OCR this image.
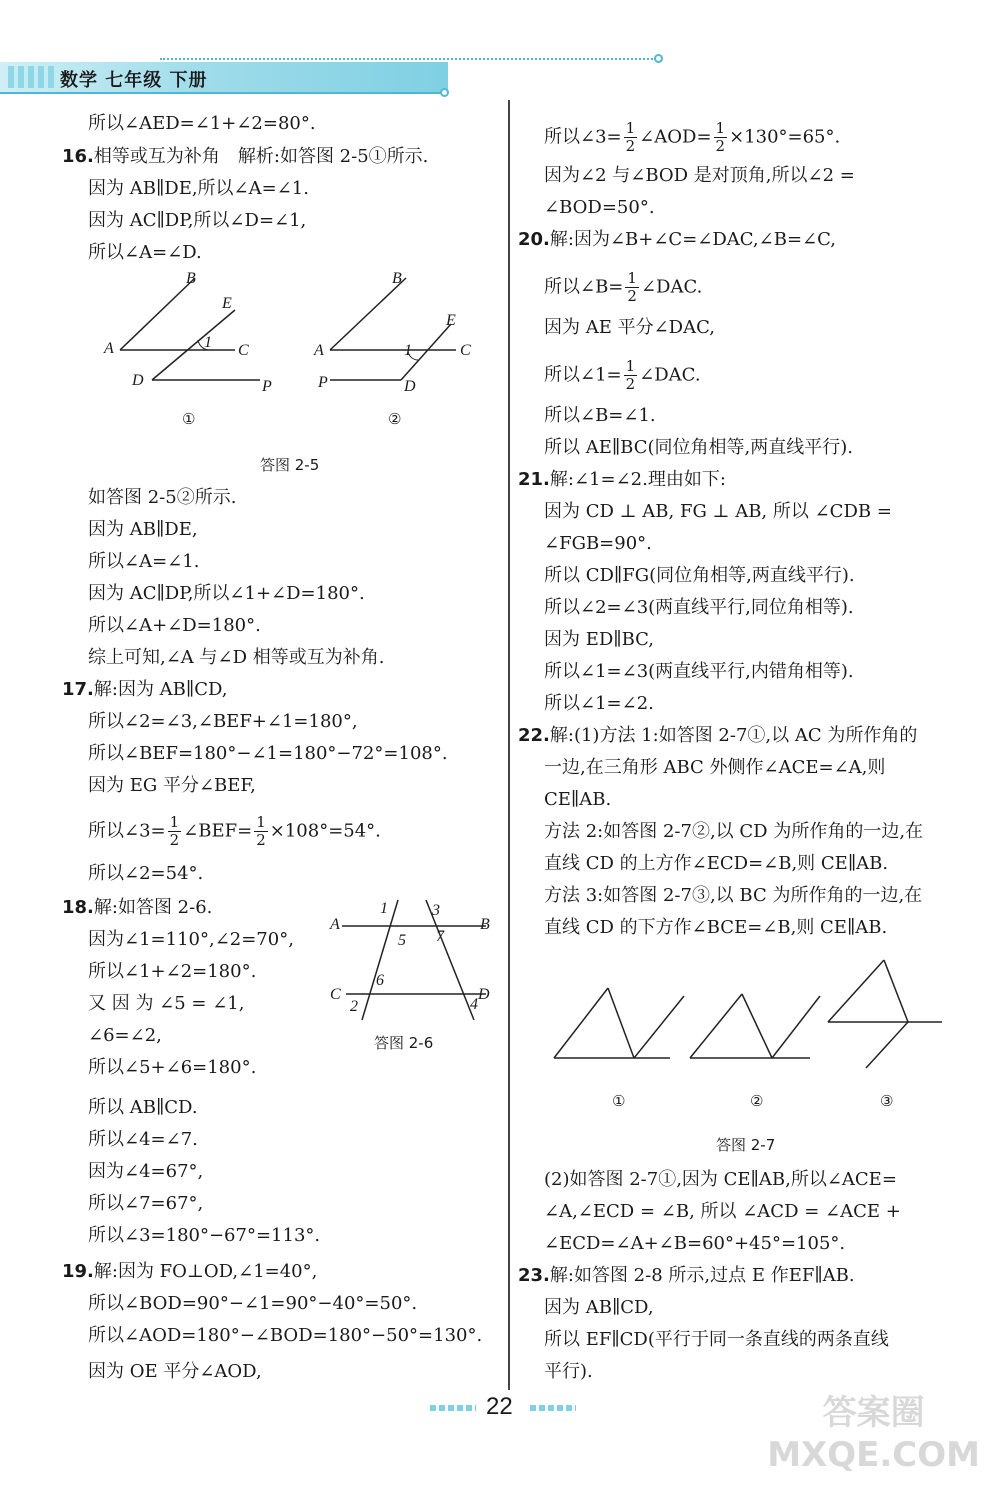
数学 七年级 下册
所以∠AED=∠1+∠2=80°.
16.相等或互为补角　解析:如答图 2-5①所示.
因为 AB∥DE,所以∠A=∠1.
因为 AC∥DP,所以∠D=∠1,
所以∠A=∠D.
如答图 2-5②所示.
因为 AB∥DE,
所以∠A=∠1.
因为 AC∥DP,所以∠1+∠D=180°.
所以∠A+∠D=180°.
综上可知,∠A 与∠D 相等或互为补角.
17.解:因为 AB∥CD,
所以∠2=∠3,∠BEF+∠1=180°,
所以∠BEF=180°−∠1=180°−72°=108°.
因为 EG 平分∠BEF,
所以∠2=54°.
18.解:如答图 2-6.
因为∠1=110°,∠2=70°,
所以∠1+∠2=180°.
又 因 为 ∠5 = ∠1,
∠6=∠2,
所以∠5+∠6=180°.
所以 AB∥CD.
所以∠4=∠7.
因为∠4=67°,
所以∠7=67°,
所以∠3=180°−67°=113°.
19.解:因为 FO⊥OD,∠1=40°,
所以∠BOD=90°−∠1=90°−40°=50°.
所以∠AOD=180°−∠BOD=180°−50°=130°.
因为 OE 平分∠AOD,
因为∠2 与∠BOD 是对顶角,所以∠2 =
∠BOD=50°.
20.解:因为∠B+∠C=∠DAC,∠B=∠C,
因为 AE 平分∠DAC,
所以∠B=∠1.
所以 AE∥BC(同位角相等,两直线平行).
21.解:∠1=∠2.理由如下:
因为 CD ⊥ AB, FG ⊥ AB, 所以 ∠CDB =
∠FGB=90°.
所以 CD∥FG(同位角相等,两直线平行).
所以∠2=∠3(两直线平行,同位角相等).
因为 ED∥BC,
所以∠1=∠3(两直线平行,内错角相等).
所以∠1=∠2.
22.解:(1)方法 1:如答图 2-7①,以 AC 为所作角的
一边,在三角形 ABC 外侧作∠ACE=∠A,则
CE∥AB.
方法 2:如答图 2-7②,以 CD 为所作角的一边,在
直线 CD 的上方作∠ECD=∠B,则 CE∥AB.
方法 3:如答图 2-7③,以 BC 为所作角的一边,在
直线 CD 的下方作∠BCE=∠B,则 CE∥AB.
(2)如答图 2-7①,因为 CE∥AB,所以∠ACE=
∠A,∠ECD = ∠B, 所以 ∠ACD = ∠ACE +
∠ECD=∠A+∠B=60°+45°=105°.
23.解:如答图 2-8 所示,过点 E 作EF∥AB.
因为 AB∥CD,
所以 EF∥CD(平行于同一条直线的两条直线
平行).
所以∠3= $\frac{1}{2}$ ∠BEF= $\frac{1}{2} \times 108^\circ=54^\circ$.
所以∠3= $\frac{1}{2}$ ∠AOD= $\frac{1}{2} \times 130^\circ=65^\circ$.
所以∠B= $\frac{1}{2}$ ∠DAC.
所以∠1= $\frac{1}{2}$ ∠DAC.
B
E
A	1 C
D	P
B
E
A	1	C
P	D
①	②
答图 2-5
A	B
1	3
5 7
C
6
2	4
D
答图 2-6
①	②	③
答图 2-7
22	答案圈
MXQE.COM
